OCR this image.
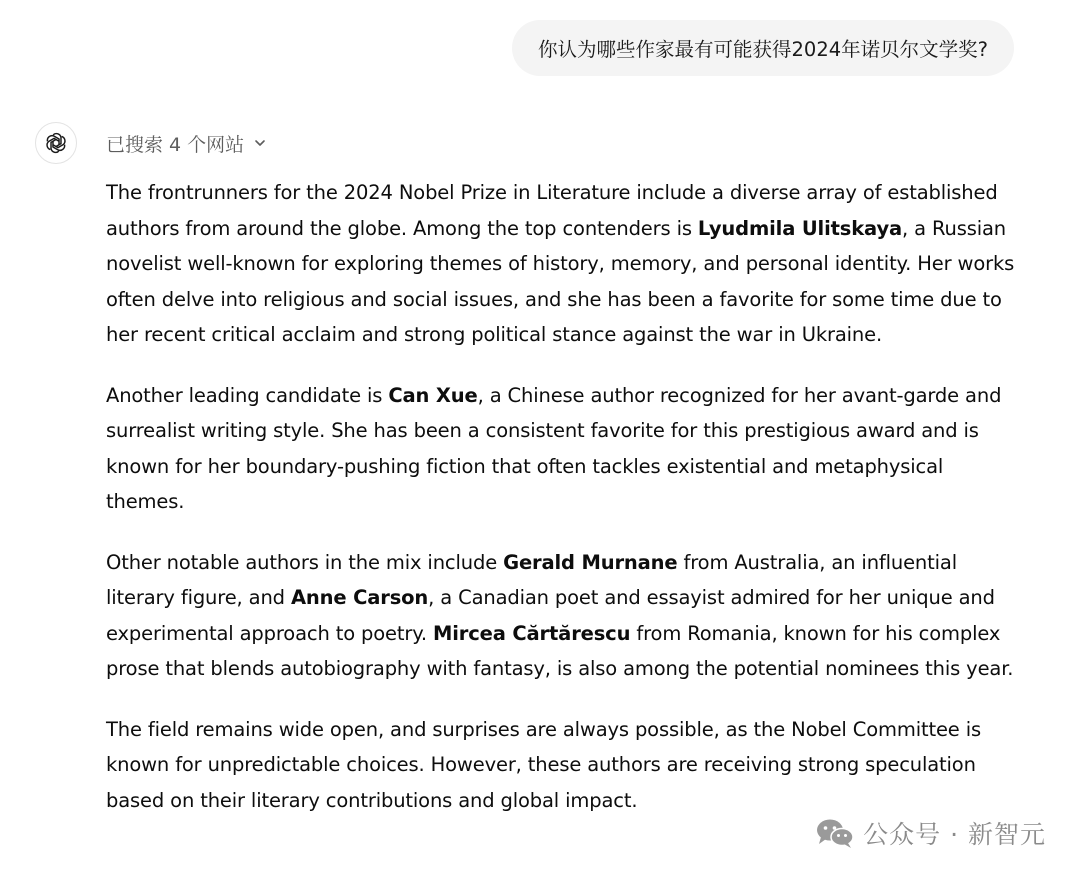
你认为哪些作家最有可能获得2024年诺贝尔文学奖?
已搜索 4 个网站

The frontrunners for the 2024 Nobel Prize in Literature include a diverse array of established authors from around the globe. Among the top contenders is Lyudmila Ulitskaya, a Russian novelist well-known for exploring themes of history, memory, and personal identity. Her works often delve into religious and social issues, and she has been a favorite for some time due to her recent critical acclaim and strong political stance against the war in Ukraine.

Another leading candidate is Can Xue, a Chinese author recognized for her avant-garde and surrealist writing style. She has been a consistent favorite for this prestigious award and is known for her boundary-pushing fiction that often tackles existential and metaphysical themes.

Other notable authors in the mix include Gerald Murnane from Australia, an influential literary figure, and Anne Carson, a Canadian poet and essayist admired for her unique and experimental approach to poetry. Mircea Cărtărescu from Romania, known for his complex prose that blends autobiography with fantasy, is also among the potential nominees this year.

The field remains wide open, and surprises are always possible, as the Nobel Committee is known for unpredictable choices. However, these authors are receiving strong speculation based on their literary contributions and global impact.

公众号 · 新智元
